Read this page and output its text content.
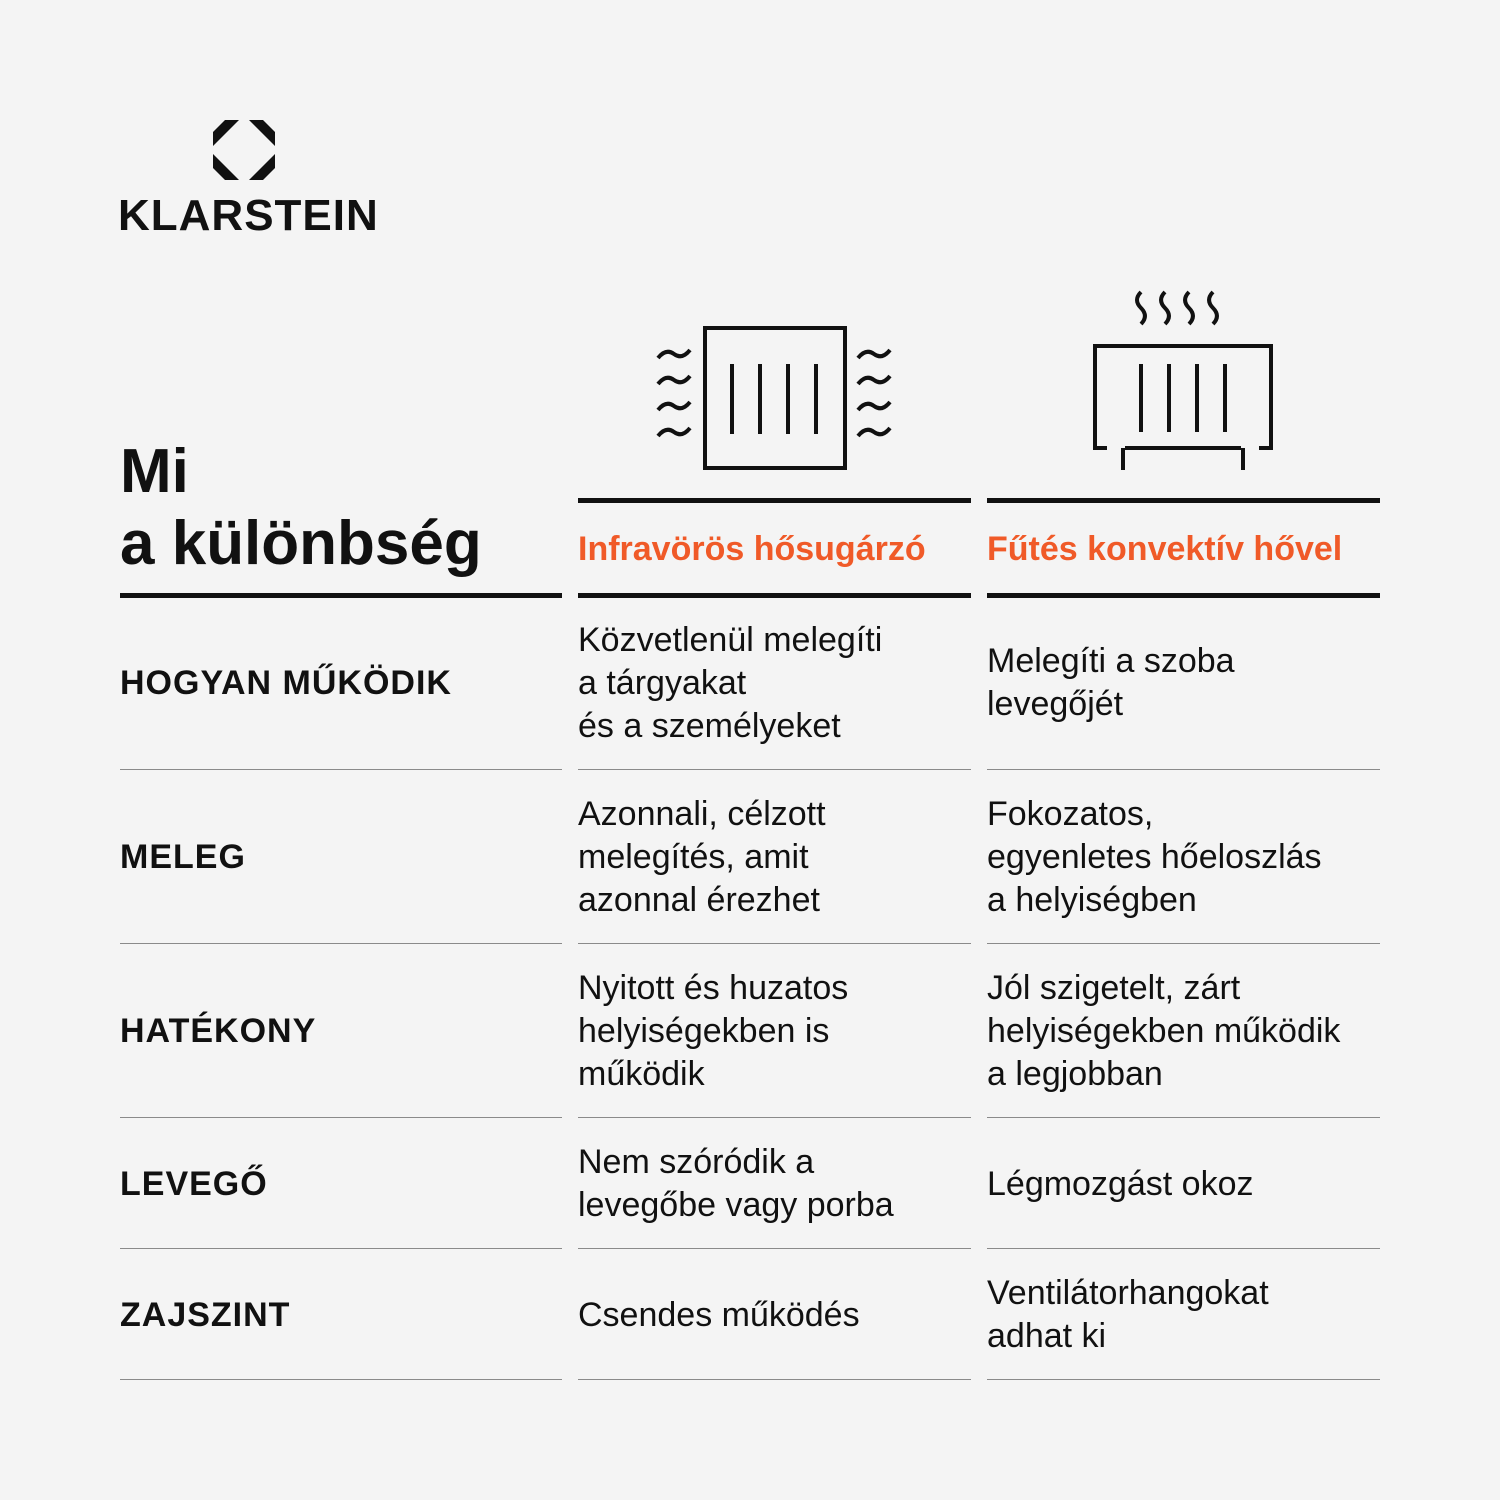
KLARSTEIN
Mi
a különbség	Infravörös hősugárzó Fűtés konvektív hővel
HOGYAN MŰKÖDIK
Közvetlenül melegíti
a tárgyakat
és a személyeket
Melegíti a szoba
levegőjét
MELEG
Azonnali, célzott
melegítés, amit
azonnal érezhet
Fokozatos,
egyenletes hőeloszlás
a helyiségben
HATÉKONY
Nyitott és huzatos
helyiségekben is
működik
Jól szigetelt, zárt
helyiségekben működik
a legjobban
LEVEGŐ
Nem szóródik a
levegőbe vagy porba
Légmozgást okoz
ZAJSZINT	Csendes működés
Ventilátorhangokat
adhat ki
